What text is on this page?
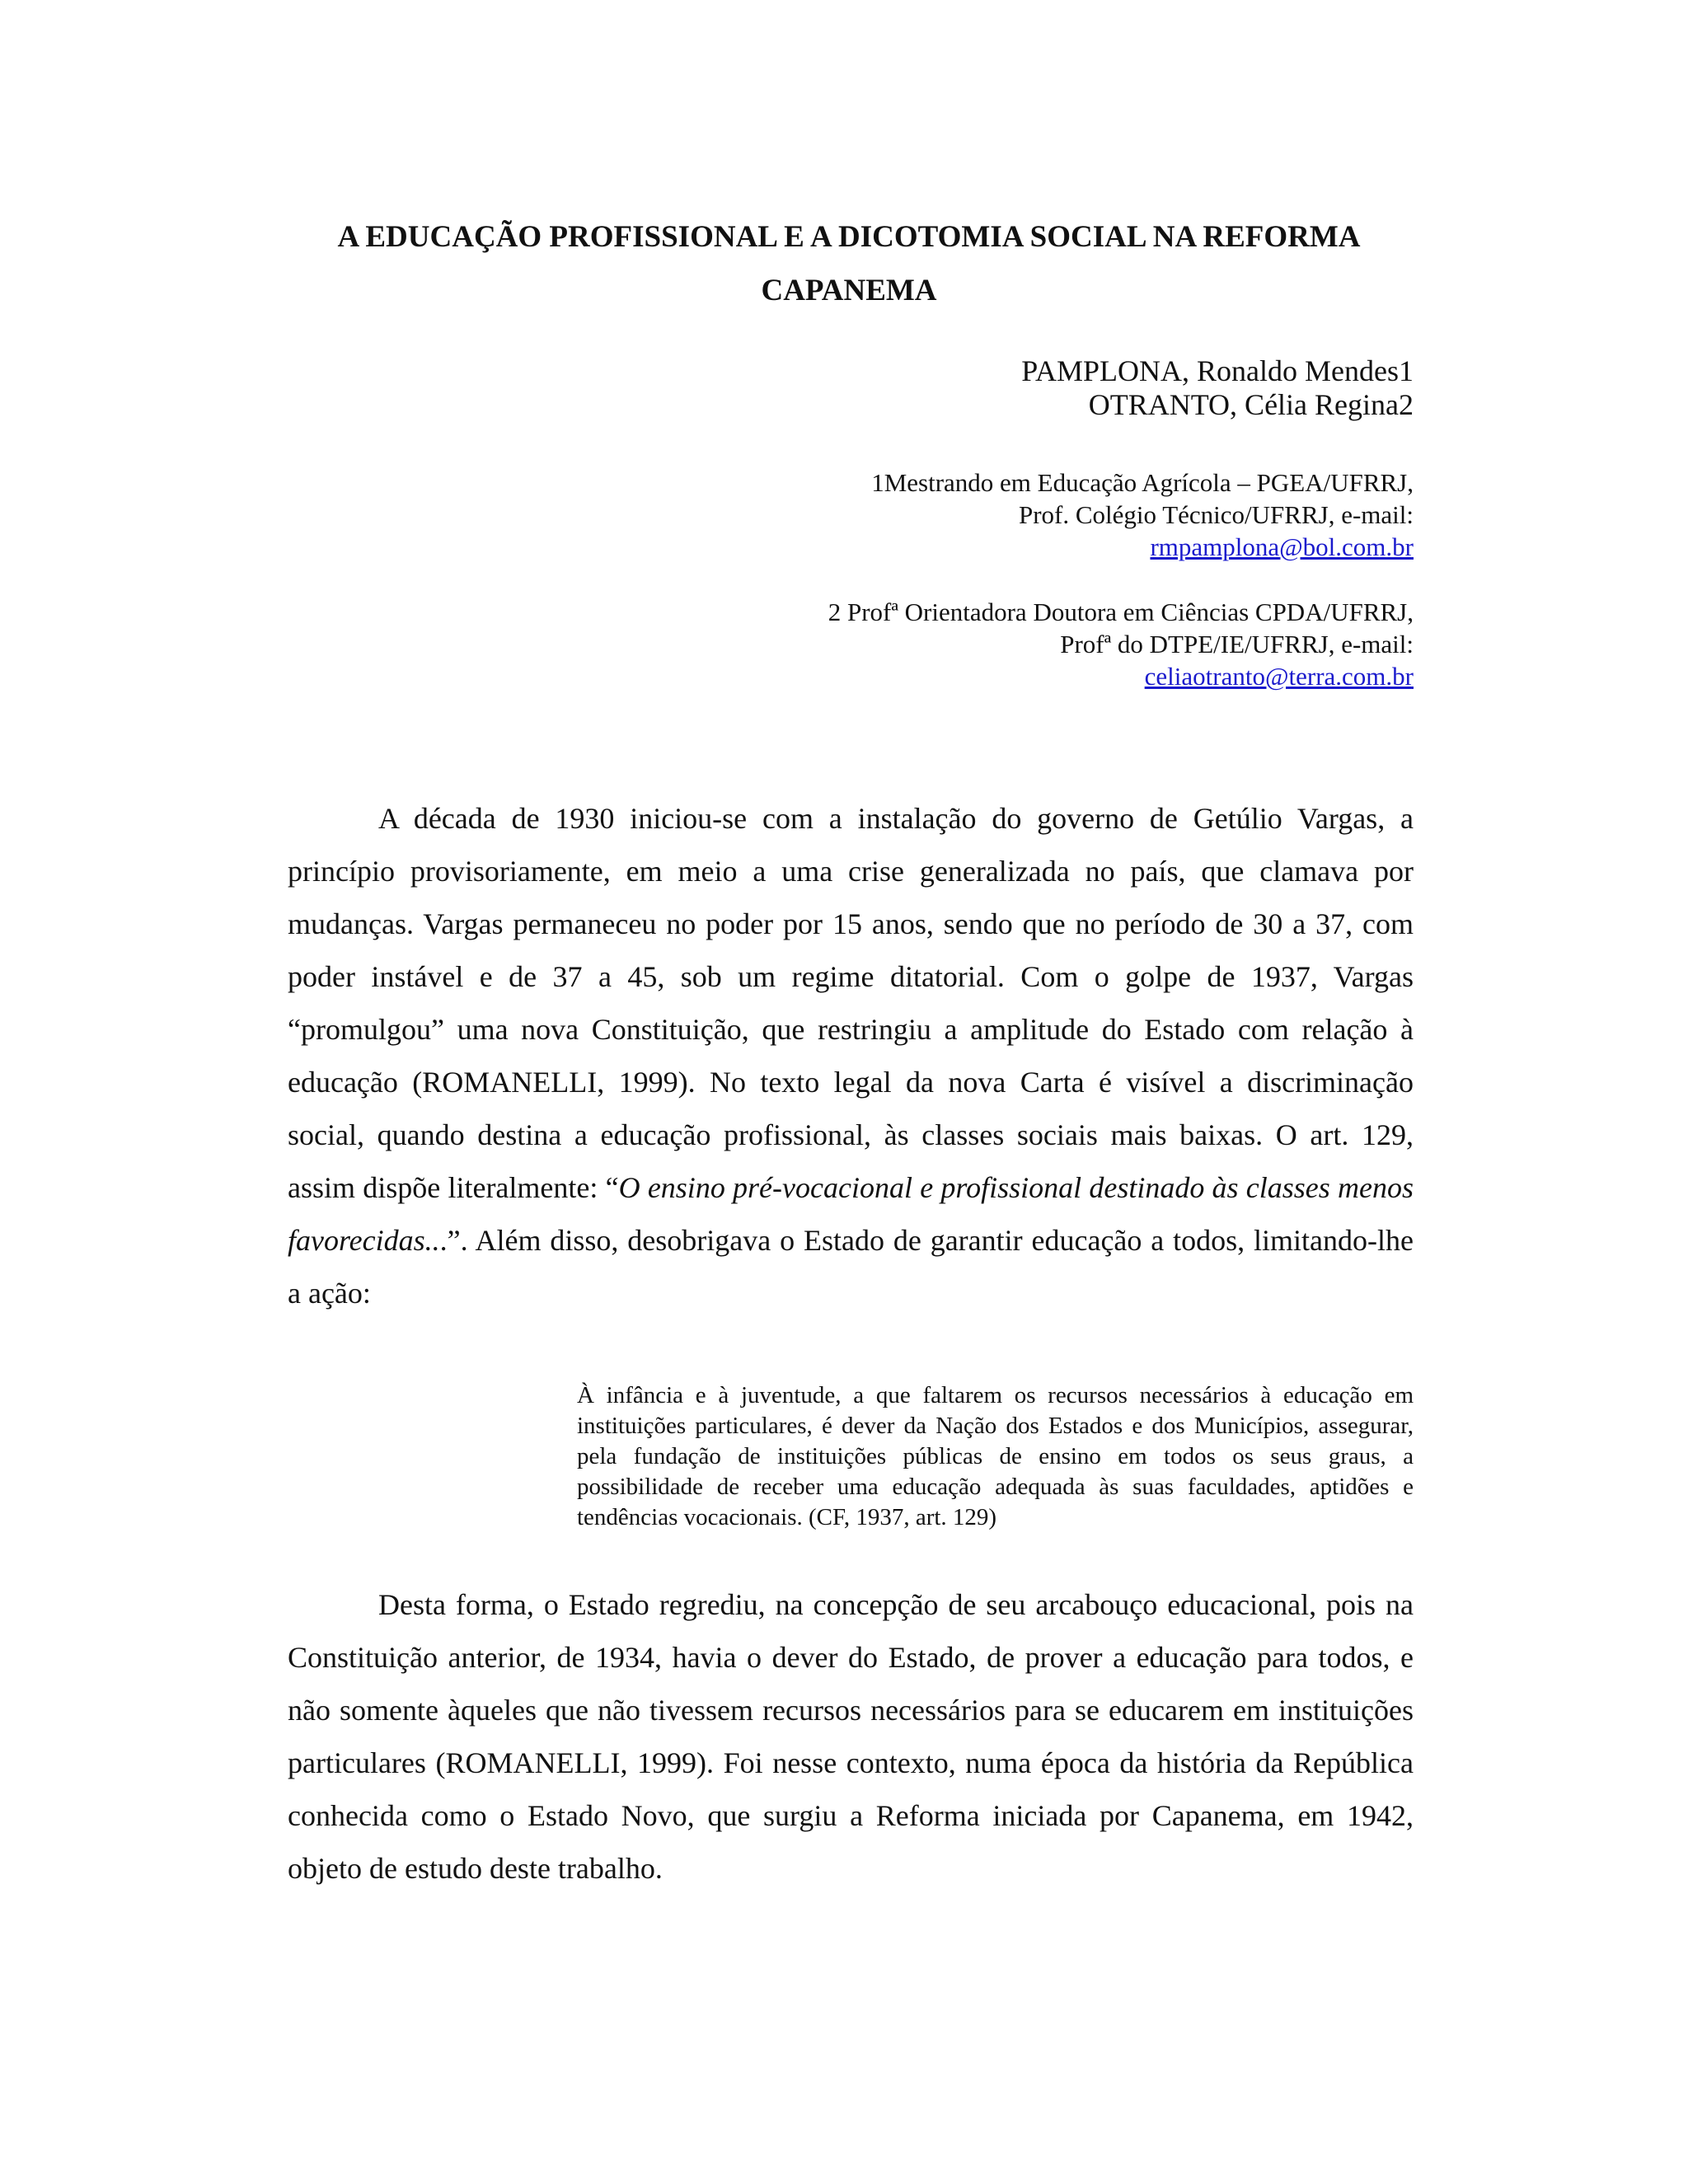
A EDUCAÇÃO PROFISSIONAL E A DICOTOMIA SOCIAL NA REFORMA
CAPANEMA
PAMPLONA, Ronaldo Mendes1
OTRANTO, Célia Regina2
1Mestrando em Educação Agrícola – PGEA/UFRRJ,
Prof. Colégio Técnico/UFRRJ, e-mail:
rmpamplona@bol.com.br
2 Profª Orientadora Doutora em Ciências CPDA/UFRRJ,
Profª do DTPE/IE/UFRRJ, e-mail:
celiaotranto@terra.com.br

A década de 1930 iniciou-se com a instalação do governo de Getúlio Vargas, a princípio provisoriamente, em meio a uma crise generalizada no país, que clamava por mudanças. Vargas permaneceu no poder por 15 anos, sendo que no período de 30 a 37, com poder instável e de 37 a 45, sob um regime ditatorial. Com o golpe de 1937, Vargas “promulgou” uma nova Constituição, que restringiu a amplitude do Estado com relação à educação (ROMANELLI, 1999). No texto legal da nova Carta é visível a discriminação social, quando destina a educação profissional, às classes sociais mais baixas. O art. 129, assim dispõe literalmente: “O ensino pré-vocacional e profissional destinado às classes menos favorecidas...”. Além disso, desobrigava o Estado de garantir educação a todos, limitando-lhe a ação:

À infância e à juventude, a que faltarem os recursos necessários à educação em instituições particulares, é dever da Nação dos Estados e dos Municípios, assegurar, pela fundação de instituições públicas de ensino em todos os seus graus, a possibilidade de receber uma educação adequada às suas faculdades, aptidões e tendências vocacionais. (CF, 1937, art. 129)

Desta forma, o Estado regrediu, na concepção de seu arcabouço educacional, pois na Constituição anterior, de 1934, havia o dever do Estado, de prover a educação para todos, e não somente àqueles que não tivessem recursos necessários para se educarem em instituições particulares (ROMANELLI, 1999). Foi nesse contexto, numa época da história da República conhecida como o Estado Novo, que surgiu a Reforma iniciada por Capanema, em 1942, objeto de estudo deste trabalho.
